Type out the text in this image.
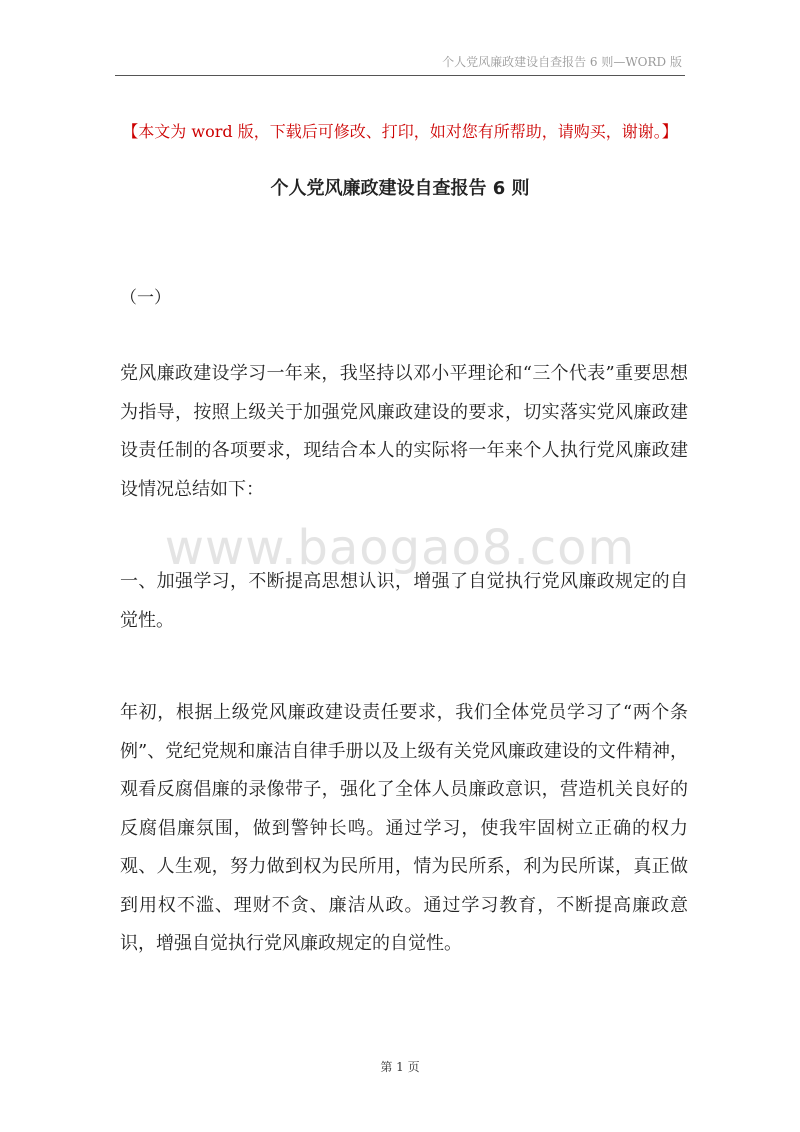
个人党风廉政建设自查报告 6 则—WORD 版
【本文为 word 版，下载后可修改、打印，如对您有所帮助，请购买，谢谢。】
个人党风廉政建设自查报告 6 则
（一）

党风廉政建设学习一年来，我坚持以邓小平理论和“三个代表”重要思想为指导，按照上级关于加强党风廉政建设的要求，切实落实党风廉政建设责任制的各项要求，现结合本人的实际将一年来个人执行党风廉政建设情况总结如下：

www.baogao8.com

一、加强学习，不断提高思想认识，增强了自觉执行党风廉政规定的自觉性。

年初，根据上级党风廉政建设责任要求，我们全体党员学习了“两个条例”、党纪党规和廉洁自律手册以及上级有关党风廉政建设的文件精神，观看反腐倡廉的录像带子，强化了全体人员廉政意识，营造机关良好的反腐倡廉氛围，做到警钟长鸣。通过学习，使我牢固树立正确的权力观、人生观，努力做到权为民所用，情为民所系，利为民所谋，真正做到用权不滥、理财不贪、廉洁从政。通过学习教育，不断提高廉政意识，增强自觉执行党风廉政规定的自觉性。

第 1 页
